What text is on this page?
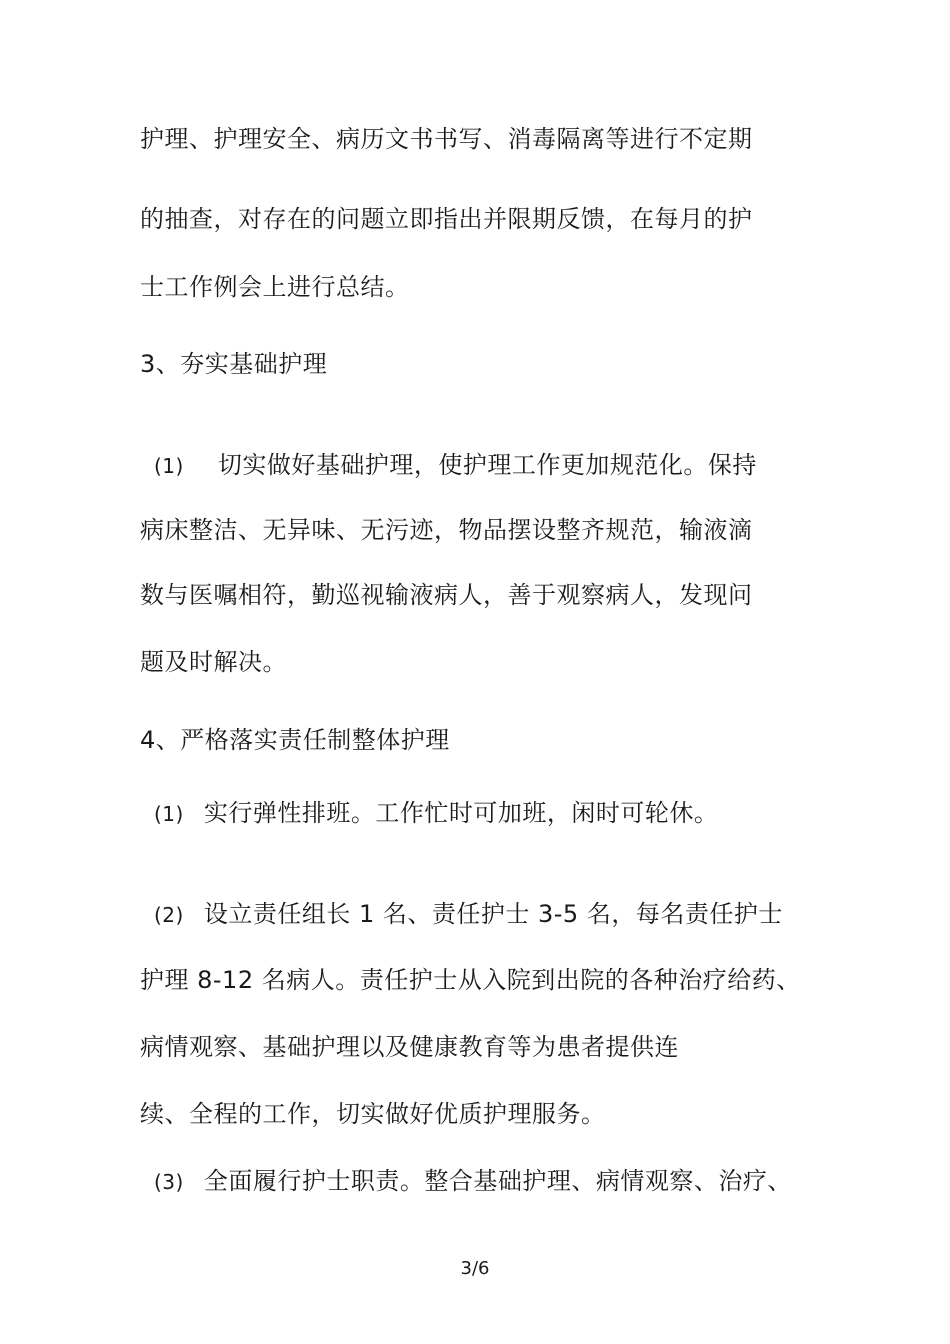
护理、护理安全、病历文书书写、消毒隔离等进行不定期
的抽查，对存在的问题立即指出并限期反馈，在每月的护
士工作例会上进行总结。
3、夯实基础护理
(1) 切实做好基础护理，使护理工作更加规范化。保持
病床整洁、无异味、无污迹，物品摆设整齐规范，输液滴
数与医嘱相符，勤巡视输液病人，善于观察病人，发现问
题及时解决。
4、严格落实责任制整体护理
(1) 实行弹性排班。工作忙时可加班，闲时可轮休。
(2) 设立责任组长 1 名、责任护士 3-5 名，每名责任护士
护理 8-12 名病人。责任护士从入院到出院的各种治疗给药、
病情观察、基础护理以及健康教育等为患者提供连
续、全程的工作，切实做好优质护理服务。
(3) 全面履行护士职责。整合基础护理、病情观察、治疗、
3/6
